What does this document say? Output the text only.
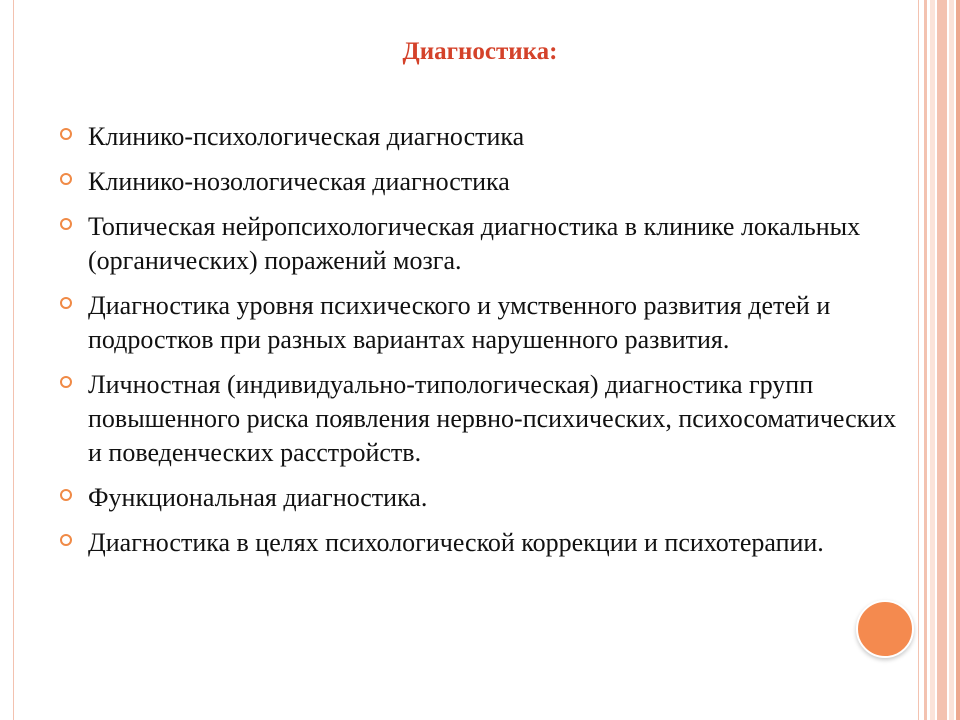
Диагностика:
Клинико-психологическая диагностика
Клинико-нозологическая диагностика
Топическая нейропсихологическая диагностика в клинике локальных (органических) поражений мозга.
Диагностика уровня психического и умственного развития детей и подростков при разных вариантах нарушенного развития.
Личностная (индивидуально-типологическая) диагностика групп повышенного риска появления нервно-психических, психосоматических и поведенческих расстройств.
Функциональная диагностика.
Диагностика в целях психологической коррекции и психотерапии.
